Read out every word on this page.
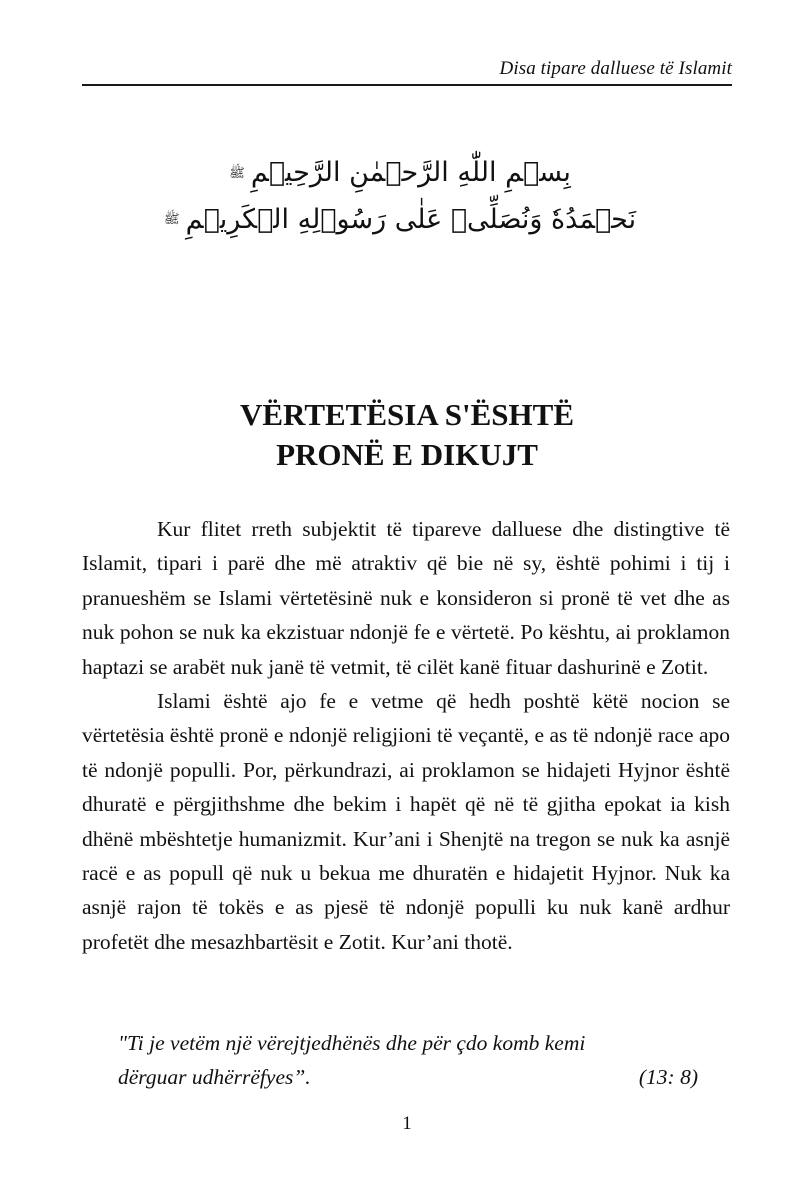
Disa tipare dalluese të Islamit
بِسۡمِ اللّٰهِ الرَّحۡمٰنِ الرَّحِيۡمِﷺ
نَحۡمَدُهٗ وَنُصَلِّىۡ عَلٰى رَسُوۡلِهِ الۡكَرِيۡمِﷺ
VËRTETËSIA S'ËSHTË
PRONË E DIKUJT

Kur flitet rreth subjektit të tipareve dalluese dhe distingtive të Islamit, tipari i parë dhe më atraktiv që bie në sy, është pohimi i tij i pranueshëm se Islami vërtetësinë nuk e konsideron si pronë të vet dhe as nuk pohon se nuk ka ekzistuar ndonjë fe e vërtetë. Po kështu, ai proklamon haptazi se arabët nuk janë të vetmit, të cilët kanë fituar dashurinë e Zotit.

Islami është ajo fe e vetme që hedh poshtë këtë nocion se vërtetësia është pronë e ndonjë religjioni të veçantë, e as të ndonjë race apo të ndonjë populli. Por, përkundrazi, ai proklamon se hidajeti Hyjnor është dhuratë e përgjithshme dhe bekim i hapët që në të gjitha epokat ia kish dhënë mbështetje humanizmit. Kur’ani i Shenjtë na tregon se nuk ka asnjë racë e as popull që nuk u bekua me dhuratën e hidajetit Hyjnor. Nuk ka asnjë rajon të tokës e as pjesë të ndonjë populli ku nuk kanë ardhur profetët dhe mesazhbartësit e Zotit. Kur’ani thotë.

"Ti je vetëm një vërejtjedhënës dhe për çdo komb kemi
dërguar udhërrëfyes”.	(13: 8)
1
